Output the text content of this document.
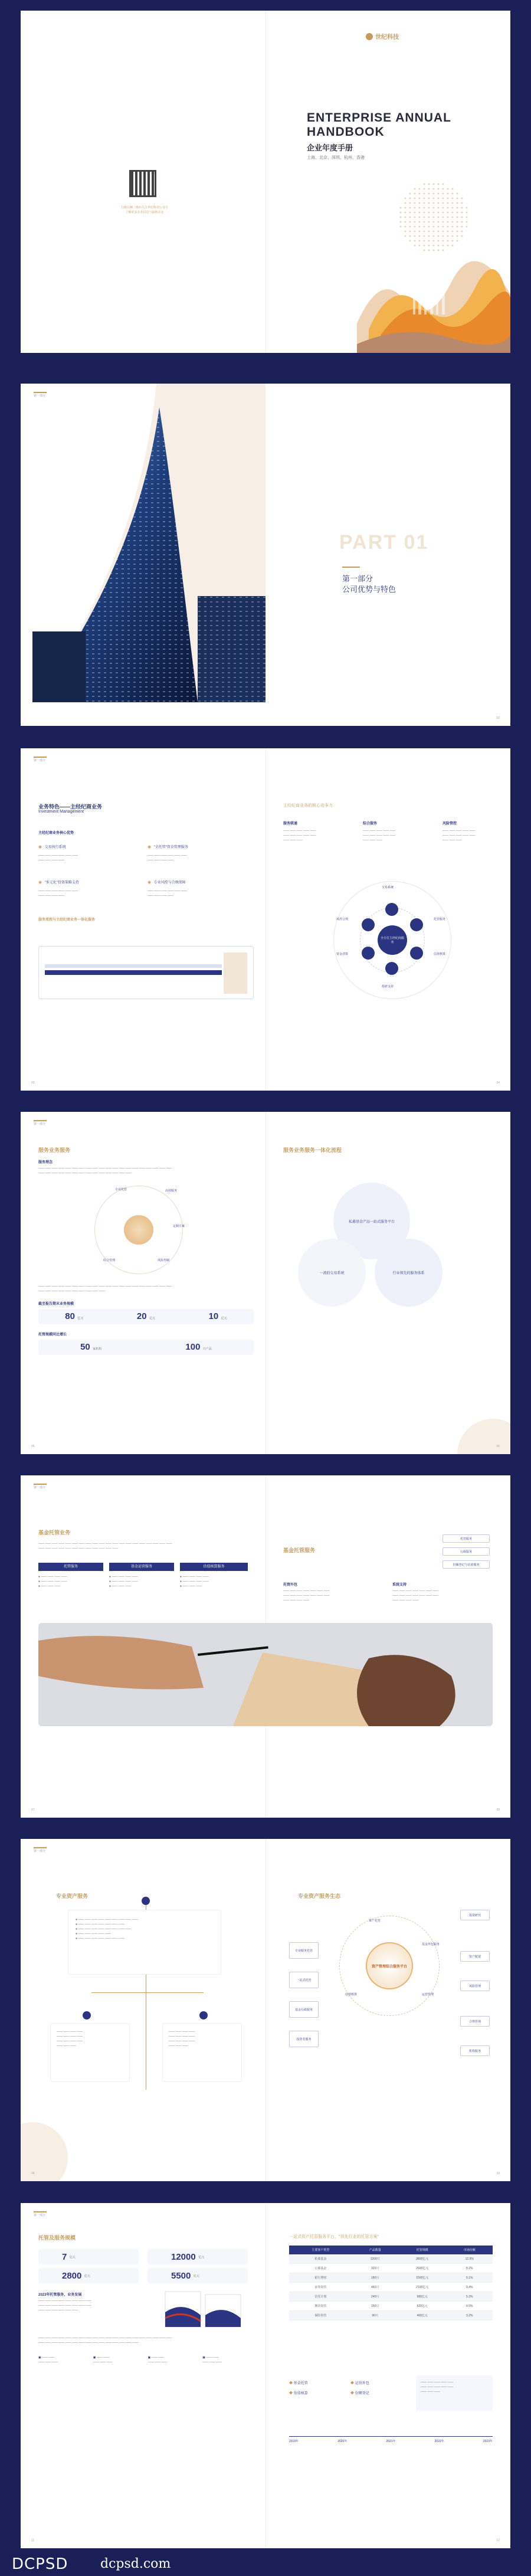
扫描右侧二维码关注世纪科技公众号
了解更多企业信息与最新动态
世纪科技
ENTERPRISE ANNUAL
HANDBOOK
企业年度手册
上海、北京、深圳、杭州、香港
第一部分
PART 01
第一部分
公司优势与特色
02
第一部分
业务特色——主经纪商业务
Investment Management
主经纪商业务核心优势
◉ 交易执行系统
—— —— —— —— —— ——
—— —— —— ——
◉ "全托管"资金管理服务
—— —— —— —— —— ——
—— —— —— ——
◉ "多元化"投资策略支持
—— —— —— —— —— ——
—— —— —— ——
◉ 专业风控与合规保障
—— —— —— —— —— ——
—— —— —— ——
服务流程与主经纪商业务一体化服务
主经纪商业务的核心竞争力
服务联通	综合服务	风险管控
—— —— —— —— ——
—— —— —— —— ——
—— —— ——
—— —— —— —— ——
—— —— —— —— ——
—— —— ——
—— —— —— —— ——
—— —— —— —— ——
—— —— ——
全方位主经纪商服务
交易系统
托管服务
估值核算
投研支持
资金清算
风控合规
03	04
第一部分
服务业务服务
服务理念
—— —— —— —— —— —— —— —— —— —— —— —— —— —— —— —— —— —— —— ——
—— —— —— —— —— —— —— —— —— —— —— —— —— ——
专业托管	高效服务
定制方案
风险控制
综合管理
—— —— —— —— —— —— —— —— —— —— —— —— —— —— —— —— —— —— —— ——
—— —— —— —— —— —— —— —— —— ——
截至报告期末业务规模
80 亿元	20 亿元	10 亿元
托管规模同比增长
50 家机构	100 只产品
服务业务服务一体化流程
私募基金产品一站式服务平台
一流的交易系统	行业领先的服务体系
05	06
第一部分
基金托管业务
—— —— —— —— —— —— —— —— —— —— —— —— —— —— —— —— —— —— —— ——
—— —— —— —— —— —— —— —— —— —— —— ——
托管服务	基金运营服务	估值核算服务
● —— —— —— ——
● —— —— —— ——
● —— —— ——
● —— —— —— ——
● —— —— —— ——
● —— —— ——
● —— —— —— ——
● —— —— —— ——
● —— —— ——
基金托管服务
托管服务
行政服务
份额登记与估值服务
托管外包	系统支持
—— —— —— —— —— —— ——
—— —— —— —— —— —— ——
—— —— —— ——
—— —— —— —— —— —— ——
—— —— —— —— —— —— ——
—— —— —— ——
07	08
第一部分
专业资产服务
● —— —— —— —— —— —— —— —— ——
● —— —— —— —— —— —— ——
● —— —— —— —— —— —— —— ——
● —— —— —— —— ——
● —— —— —— —— —— —— ——
—— —— —— ——
—— —— —— ——
—— —— —— ——
—— —— ——
—— —— —— ——
—— —— —— ——
—— —— —— ——
—— —— ——
专业资产服务生态
资产管理综合服务平台
资产托管
基金外包服务
运营管理
估值核算
专业服务托管
一站式托管
基金行政服务
投资者服务
投资研究
资产配置
风险管理
合规咨询
机构服务
09	10
第一部分
托管及服务规模
7
亿元	12000
亿元
2800
亿元	5500
亿元
2023年托管服务，业务发展
—— —— —— —— —— —— —— ——
—— —— —— —— —— —— —— ——
—— —— —— —— —— ——
—— —— —— —— —— —— —— —— —— —— —— —— —— —— —— —— —— —— —— ——
—— —— —— —— —— —— —— —— —— —— —— —— —— —— ——
▣ —— ——
—— —— ——
▣ —— ——
—— —— ——
▣ —— ——
—— —— ——
▣ —— ——
—— —— ——
一站式资产托管服务平台，"领先行业的托管方案"
主要客户类型	产品数量	托管规模	市场份额
私募基金	1200只	3800亿元	12.5%
公募基金	320只	2600亿元	8.2%
银行理财	180只	1500亿元	6.1%
证券资管	460只	2100亿元	9.4%
信托计划	240只	980亿元	5.3%
期货资管	150只	620亿元	4.0%
保险资管	90只	400亿元	3.2%
◆ 基金托管	◆ 运营外包
◆ 估值核算	◆ 份额登记
—— —— —— —— ——
—— —— —— —— ——
—— —— ——
2019年	2020年	2021年	2022年	2023年
11	12
DCPSD dcpsd.com
